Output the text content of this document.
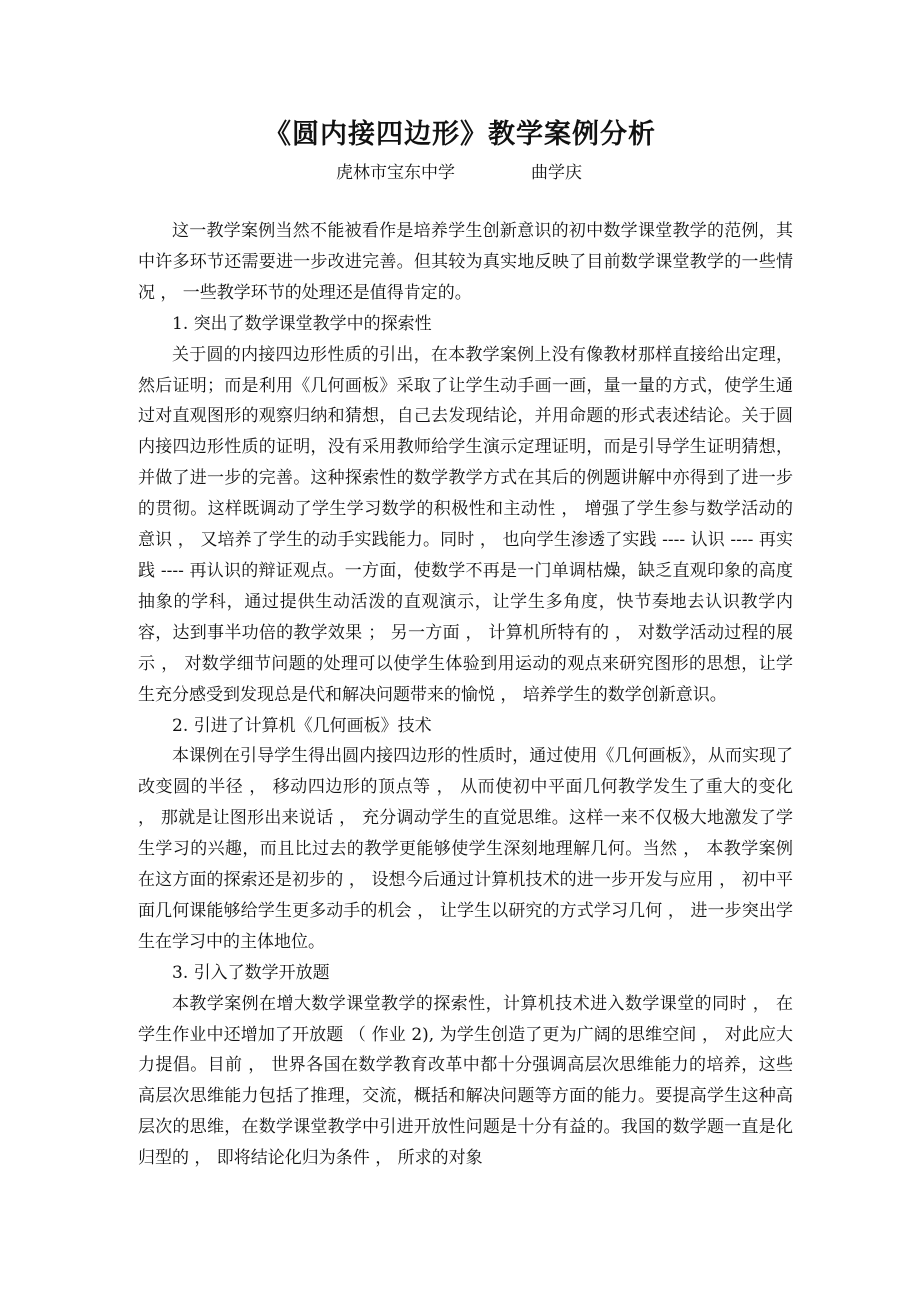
《圆内接四边形》教学案例分析
虎林市宝东中学	曲学庆

这一教学案例当然不能被看作是培养学生创新意识的初中数学课堂教学的范例，其中许多环节还需要进一步改进完善。但其较为真实地反映了目前数学课堂教学的一些情况 ， 一些教学环节的处理还是值得肯定的。

1. 突出了数学课堂教学中的探索性

关于圆的内接四边形性质的引出，在本教学案例上没有像教材那样直接给出定理，然后证明；而是利用《几何画板》采取了让学生动手画一画，量一量的方式，使学生通过对直观图形的观察归纳和猜想，自己去发现结论，并用命题的形式表述结论。关于圆内接四边形性质的证明，没有采用教师给学生演示定理证明，而是引导学生证明猜想，并做了进一步的完善。这种探索性的数学教学方式在其后的例题讲解中亦得到了进一步的贯彻。这样既调动了学生学习数学的积极性和主动性 ， 增强了学生参与数学活动的意识 ， 又培养了学生的动手实践能力。同时 ， 也向学生渗透了实践 ---- 认识 ---- 再实践 ---- 再认识的辩证观点。一方面，使数学不再是一门单调枯燥，缺乏直观印象的高度抽象的学科，通过提供生动活泼的直观演示，让学生多角度，快节奏地去认识教学内容，达到事半功倍的教学效果 ； 另一方面 ， 计算机所特有的 ， 对数学活动过程的展示 ， 对数学细节问题的处理可以使学生体验到用运动的观点来研究图形的思想，让学生充分感受到发现总是代和解决问题带来的愉悦 ， 培养学生的数学创新意识。

2. 引进了计算机《几何画板》技术

本课例在引导学生得出圆内接四边形的性质时，通过使用《几何画板》，从而实现了改变圆的半径 ， 移动四边形的顶点等 ， 从而使初中平面几何教学发生了重大的变化 ， 那就是让图形出来说话 ， 充分调动学生的直觉思维。这样一来不仅极大地激发了学生学习的兴趣，而且比过去的教学更能够使学生深刻地理解几何。当然 ， 本教学案例在这方面的探索还是初步的 ， 设想今后通过计算机技术的进一步开发与应用 ， 初中平面几何课能够给学生更多动手的机会 ， 让学生以研究的方式学习几何 ， 进一步突出学生在学习中的主体地位。

3. 引入了数学开放题

本教学案例在增大数学课堂教学的探索性，计算机技术进入数学课堂的同时 ， 在学生作业中还增加了开放题 （ 作业 2), 为学生创造了更为广阔的思维空间 ， 对此应大力提倡。目前 ， 世界各国在数学教育改革中都十分强调高层次思维能力的培养，这些高层次思维能力包括了推理，交流，概括和解决问题等方面的能力。要提高学生这种高层次的思维，在数学课堂教学中引进开放性问题是十分有益的。我国的数学题一直是化归型的 ， 即将结论化归为条件 ， 所求的对象
